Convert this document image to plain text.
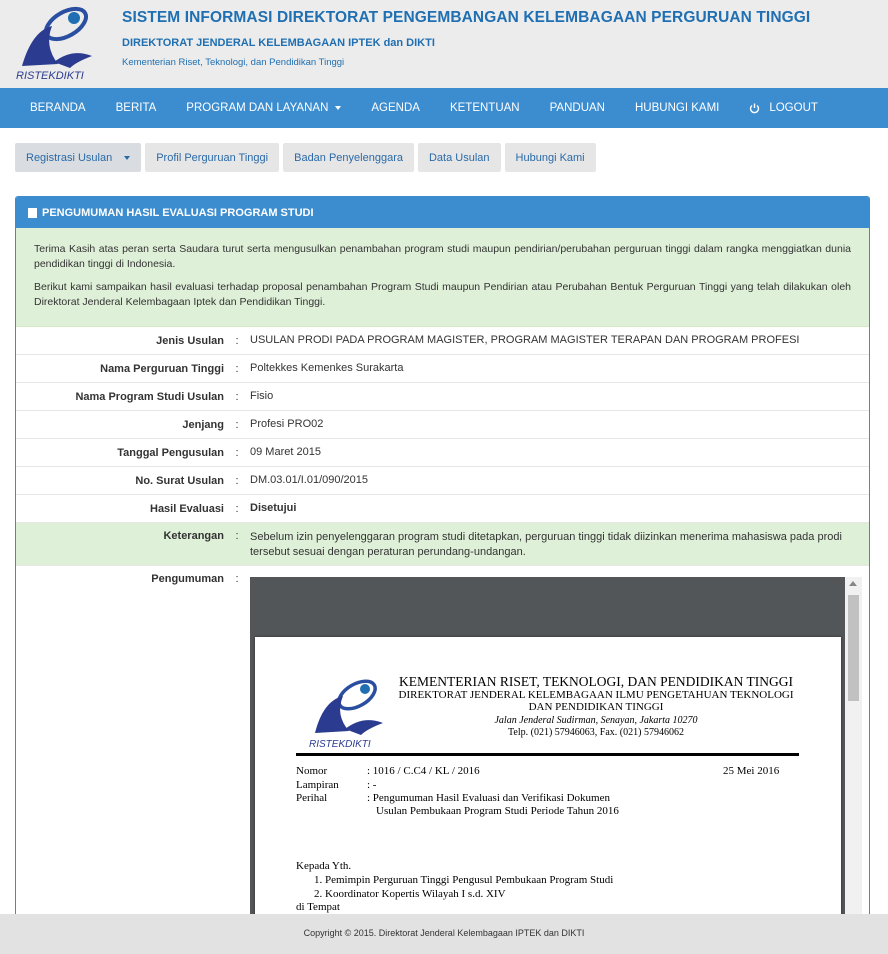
RISTEKDIKTI
SISTEM INFORMASI DIREKTORAT PENGEMBANGAN KELEMBAGAAN PERGURUAN TINGGI
DIREKTORAT JENDERAL KELEMBAGAAN IPTEK dan DIKTI
Kementerian Riset, Teknologi, dan Pendidikan Tinggi
BERANDA	BERITA	PROGRAM DAN LAYANAN	AGENDA	KETENTUAN	PANDUAN	HUBUNGI KAMI	LOGOUT
Registrasi Usulan	Profil Perguruan Tinggi Badan Penyelenggara Data Usulan Hubungi Kami
PENGUMUMAN HASIL EVALUASI PROGRAM STUDI

Terima Kasih atas peran serta Saudara turut serta mengusulkan penambahan program studi maupun pendirian/perubahan perguruan tinggi dalam rangka menggiatkan dunia pendidikan tinggi di Indonesia.

Berikut kami sampaikan hasil evaluasi terhadap proposal penambahan Program Studi maupun Pendirian atau Perubahan Bentuk Perguruan Tinggi yang telah dilakukan oleh Direktorat Jenderal Kelembagaan Iptek dan Pendidikan Tinggi.

Jenis Usulan	:	USULAN PRODI PADA PROGRAM MAGISTER, PROGRAM MAGISTER TERAPAN DAN PROGRAM PROFESI
Nama Perguruan Tinggi	:	Poltekkes Kemenkes Surakarta
Nama Program Studi Usulan	:	Fisio
Jenjang	:	Profesi PRO02
Tanggal Pengusulan	:	09 Maret 2015
No. Surat Usulan	:	DM.03.01/I.01/090/2015
Hasil Evaluasi	:	Disetujui
Keterangan	:	Sebelum izin penyelenggaran program studi ditetapkan, perguruan tinggi tidak diizinkan menerima mahasiswa pada prodi tersebut sesuai dengan peraturan perundang-undangan.
Pengumuman	:
RISTEKDIKTI
KEMENTERIAN RISET, TEKNOLOGI, DAN PENDIDIKAN TINGGI
DIREKTORAT JENDERAL KELEMBAGAAN ILMU PENGETAHUAN TEKNOLOGI
DAN PENDIDIKAN TINGGI
Jalan Jenderal Sudirman, Senayan, Jakarta 10270
Telp. (021) 57946063, Fax. (021) 57946062
Nomor	: 1016 / C.C4 / KL / 2016	25 Mei 2016
Lampiran	: -
Perihal	: Pengumuman Hasil Evaluasi dan Verifikasi Dokumen
Usulan Pembukaan Program Studi Periode Tahun 2016
Kepada Yth.
1. Pemimpin Perguruan Tinggi Pengusul Pembukaan Program Studi
2. Koordinator Kopertis Wilayah I s.d. XIV
di Tempat
Copyright © 2015. Direktorat Jenderal Kelembagaan IPTEK dan DIKTI
